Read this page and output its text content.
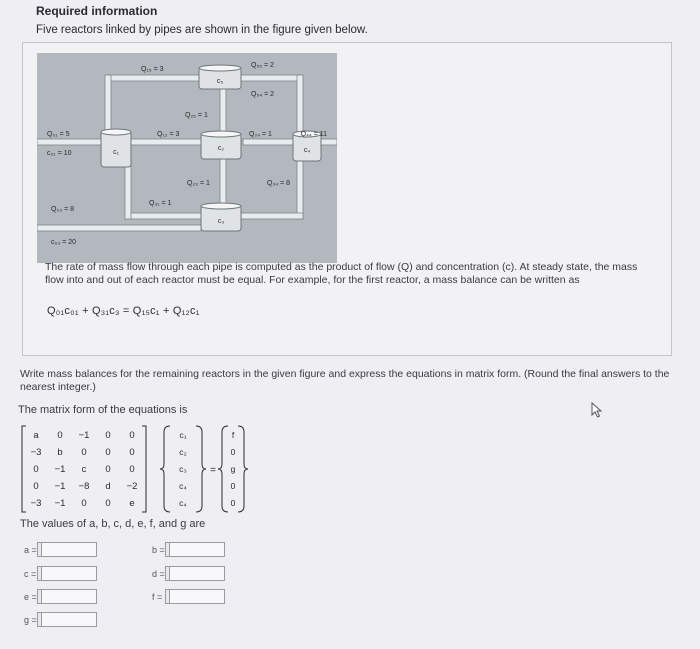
Required information
Five reactors linked by pipes are shown in the figure given below.
c₁
c₅
c₂	c₄
c₃
Q₁₅ = 3
Q₅₅ = 2
Q₅₄ = 2
Q₂₅ = 1
Q₀₁ = 5
c₀₁ = 10
Q₁₂ = 3	Q₂₄ = 1	Q₄₄ = 11
Q₂₃ = 1	Q₃₄ = 8
Q₃₁ = 1
Q₀₃ = 8
c₀₃ = 20
The rate of mass flow through each pipe is computed as the product of flow (Q) and concentration (c). At steady state, the mass flow into and out of each reactor must be equal. For example, for the first reactor, a mass balance can be written as
Q₀₁c₀₁ + Q₃₁c₃ = Q₁₅c₁ + Q₁₂c₁
Write mass balances for the remaining reactors in the given figure and express the equations in matrix form. (Round the final answers to the nearest integer.)
The matrix form of the equations is
a 0 −1 0 0
−3 b 0 0 0
0 −1 c 0 0
0 −1 −8 d −2
−3 −1 0 0 e
c₁
c₂
c₃
c₄
c₄
=
f
0
g
0
0
The values of a, b, c, d, e, f, and g are
a =	b =
c =	d =
e =	f =
g =
